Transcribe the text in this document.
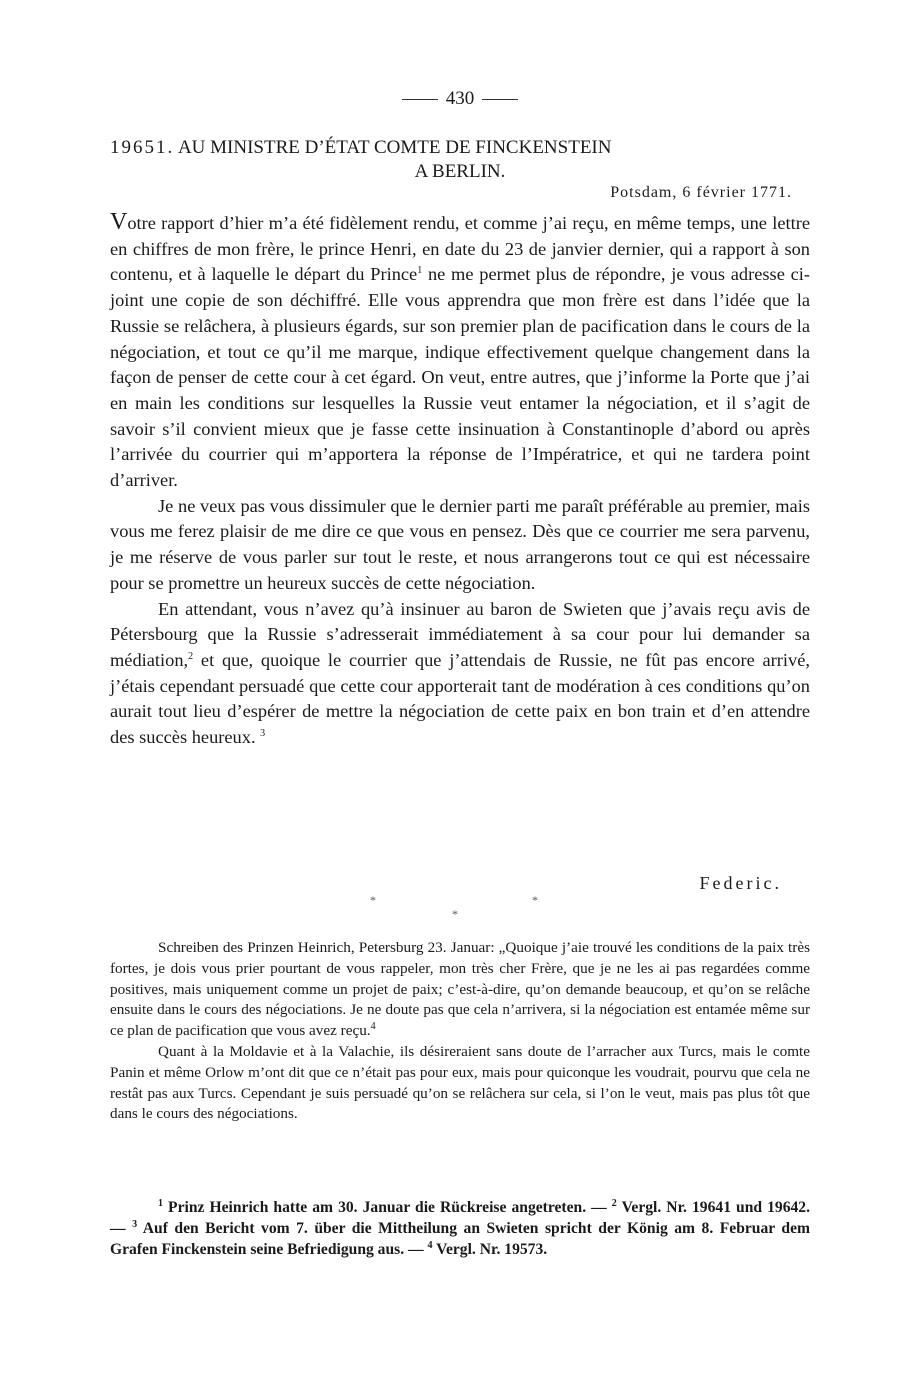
430
19651. AU MINISTRE D’ÉTAT COMTE DE FINCKENSTEIN
A BERLIN.
Potsdam, 6 février 1771.

Votre rapport d’hier m’a été fidèlement rendu, et comme j’ai reçu, en même temps, une lettre en chiffres de mon frère, le prince Henri, en date du 23 de janvier dernier, qui a rapport à son contenu, et à laquelle le départ du Prince$^1$ ne me permet plus de répondre, je vous adresse ci-joint une copie de son déchiffré. Elle vous apprendra que mon frère est dans l’idée que la Russie se relâchera, à plusieurs égards, sur son premier plan de pacification dans le cours de la négociation, et tout ce qu’il me marque, indique effectivement quelque changement dans la façon de penser de cette cour à cet égard. On veut, entre autres, que j’informe la Porte que j’ai en main les conditions sur lesquelles la Russie veut entamer la négociation, et il s’agit de savoir s’il convient mieux que je fasse cette insinuation à Constantinople d’abord ou après l’arrivée du courrier qui m’apportera la réponse de l’Impératrice, et qui ne tardera point d’arriver.

Je ne veux pas vous dissimuler que le dernier parti me paraît préférable au premier, mais vous me ferez plaisir de me dire ce que vous en pensez. Dès que ce courrier me sera parvenu, je me réserve de vous parler sur tout le reste, et nous arrangerons tout ce qui est nécessaire pour se promettre un heureux succès de cette négociation.

En attendant, vous n’avez qu’à insinuer au baron de Swieten que j’avais reçu avis de Pétersbourg que la Russie s’adresserait immédiatement à sa cour pour lui demander sa médiation,$^2$ et que, quoique le courrier que j’attendais de Russie, ne fût pas encore arrivé, j’étais cependant persuadé que cette cour apporterait tant de modération à ces conditions qu’on aurait tout lieu d’espérer de mettre la négociation de cette paix en bon train et d’en attendre des succès heureux. $^3$

Federic.
*
*
*

Schreiben des Prinzen Heinrich, Petersburg 23. Januar: „Quoique j’aie trouvé les conditions de la paix très fortes, je dois vous prier pourtant de vous rappeler, mon très cher Frère, que je ne les ai pas regardées comme positives, mais uniquement comme un projet de paix; c’est-à-dire, qu’on demande beaucoup, et qu’on se relâche ensuite dans le cours des négociations. Je ne doute pas que cela n’arrivera, si la négociation est entamée même sur ce plan de pacification que vous avez reçu.$^4$

Quant à la Moldavie et à la Valachie, ils désireraient sans doute de l’arracher aux Turcs, mais le comte Panin et même Orlow m’ont dit que ce n’était pas pour eux, mais pour quiconque les voudrait, pourvu que cela ne restât pas aux Turcs. Cependant je suis persuadé qu’on se relâchera sur cela, si l’on le veut, mais pas plus tôt que dans le cours des négociations.

$^1$ Prinz Heinrich hatte am 30. Januar die Rückreise angetreten. — $^2$ Vergl. Nr. 19641 und 19642. — $^3$ Auf den Bericht vom 7. über die Mittheilung an Swieten spricht der König am 8. Februar dem Grafen Finckenstein seine Befriedigung aus. — $^4$ Vergl. Nr. 19573.
